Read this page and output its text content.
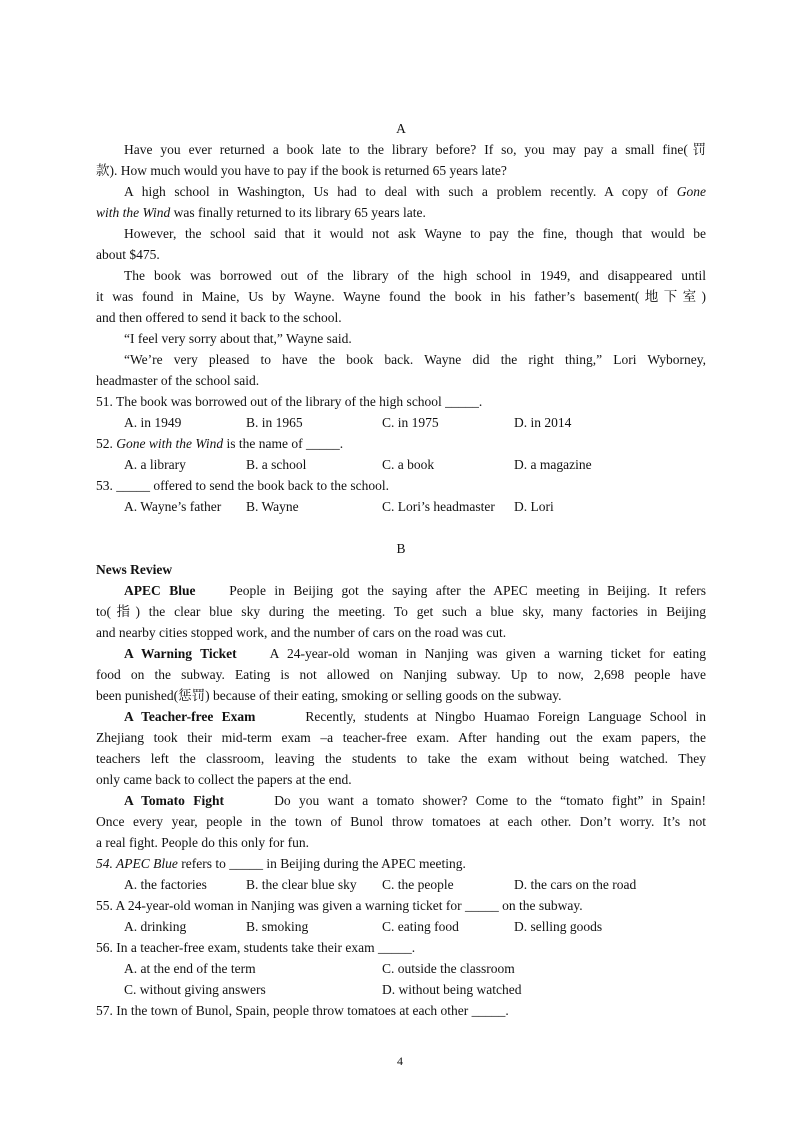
A
Have you ever returned a book late to the library before? If so, you may pay a small fine(罚
款). How much would you have to pay if the book is returned 65 years late?
A high school in Washington, Us had to deal with such a problem recently. A copy of Gone
with the Wind was finally returned to its library 65 years late.
However, the school said that it would not ask Wayne to pay the fine, though that would be
about $475.
The book was borrowed out of the library of the high school in 1949, and disappeared until
it was found in Maine, Us by Wayne. Wayne found the book in his father’s basement(地下室)
and then offered to send it back to the school.
“I feel very sorry about that,” Wayne said.
“We’re very pleased to have the book back. Wayne did the right thing,” Lori Wyborney,
headmaster of the school said.
51. The book was borrowed out of the library of the high school _____.
A. in 1949	B. in 1965	C. in 1975	D. in 2014
52. Gone with the Wind is the name of _____.
A. a library	B. a school	C. a book	D. a magazine
53. _____ offered to send the book back to the school.
A. Wayne’s father B. Wayne	C. Lori’s headmaster D. Lori
B
News Review
APEC Blue	People in Beijing got the saying after the APEC meeting in Beijing. It refers
to(指) the clear blue sky during the meeting. To get such a blue sky, many factories in Beijing
and nearby cities stopped work, and the number of cars on the road was cut.
A Warning Ticket A 24-year-old woman in Nanjing was given a warning ticket for eating
food on the subway. Eating is not allowed on Nanjing subway. Up to now, 2,698 people have
been punished(惩罚) because of their eating, smoking or selling goods on the subway.
A Teacher-free Exam	Recently, students at Ningbo Huamao Foreign Language School in
Zhejiang took their mid-term exam –a teacher-free exam. After handing out the exam papers, the
teachers left the classroom, leaving the students to take the exam without being watched. They
only came back to collect the papers at the end.
A Tomato Fight	Do you want a tomato shower? Come to the “tomato fight” in Spain!
Once every year, people in the town of Bunol throw tomatoes at each other. Don’t worry. It’s not
a real fight. People do this only for fun.
54. APEC Blue refers to _____ in Beijing during the APEC meeting.
A. the factories	B. the clear blue sky C. the people	D. the cars on the road
55. A 24-year-old woman in Nanjing was given a warning ticket for _____ on the subway.
A. drinking	B. smoking	C. eating food	D. selling goods
56. In a teacher-free exam, students take their exam _____.
A. at the end of the term	C. outside the classroom
C. without giving answers	D. without being watched
57. In the town of Bunol, Spain, people throw tomatoes at each other _____.
4
